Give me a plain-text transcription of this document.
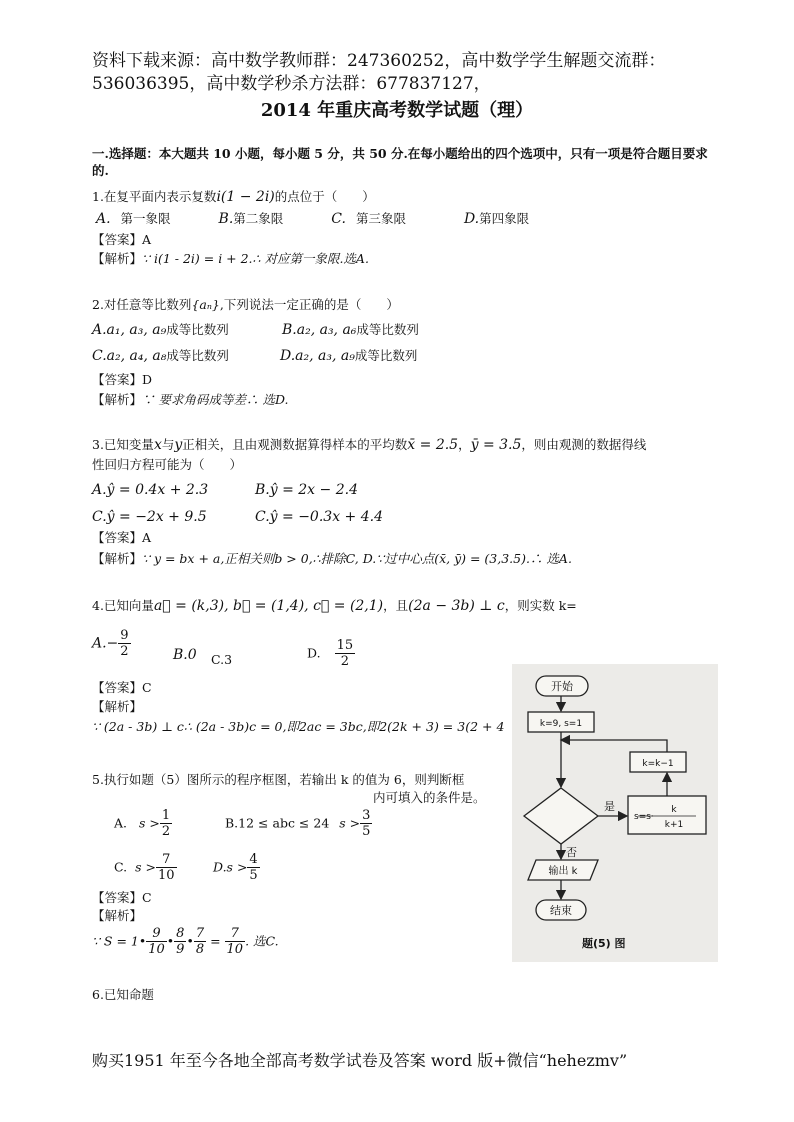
资料下载来源：高中数学教师群：247360252，高中数学学生解题交流群：
536036395，高中数学秒杀方法群：677837127，
2014 年重庆高考数学试题（理）
一.选择题：本大题共 10 小题，每小题 5 分，共 50 分.在每小题给出的四个选项中，只有一项是符合题目要求的.
1.在复平面内表示复数i(1 − 2i)的点位于（　　）
A. 第一象限	B.第二象限	C. 第三象限	D.第四象限
【答案】A
【解析】∵ i(1 - 2i) = i + 2.∴ 对应第一象限.选A.
2.对任意等比数列{aₙ},下列说法一定正确的是（　　）
A.a₁, a₃, a₉成等比数列	B.a₂, a₃, a₆成等比数列
C.a₂, a₄, a₈成等比数列	D.a₂, a₃, a₉成等比数列
【答案】D
【解析】∵ 要求角码成等差∴ 选D.
3.已知变量x与y正相关，且由观测数据算得样本的平均数x̄ = 2.5，ȳ = 3.5，则由观测的数据得线
性回归方程可能为（　　）
A.ŷ = 0.4x + 2.3	B.ŷ = 2x − 2.4
C.ŷ = −2x + 9.5	C.ŷ = −0.3x + 4.4
【答案】A
【解析】∵ y = bx + a,正相关则b > 0,∴排除C, D.∵过中心点(x̄, ȳ) = (3,3.5).∴ 选A.
4.已知向量a⃗ = (k,3), b⃗ = (1,4), c⃗ = (2,1)，且(2a − 3b) ⊥ c，则实数 k=
$A.- \frac{9}{2}$	B.0 C.3	D. $\frac{15}{2}$
【答案】C
【解析】
∵ (2a - 3b) ⊥ c∴ (2a - 3b)c = 0,即2ac = 3bc,即2(2k + 3) = 3(2 + 4
5.执行如题（5）图所示的程序框图，若输出 k 的值为 6，则判断框
内可填入的条件是。
A. $s > \frac{1}{2}$	B.12 ≤ abc ≤ 24 $s > \frac{3}{5}$
C. $s > \frac{7}{10}$	$D.s > \frac{4}{5}$
【答案】C
【解析】
∵ S = 1• $\frac{9}{10}$ • $\frac{8}{9}$ • $\frac{7}{8} = \frac{7}{10}$ . 选C.
开始
k=9, s=1
k=k−1
s=s·
k
k+1
是
否
输出 k
结束
题(5) 图
6.已知命题
购买1951 年至今各地全部高考数学试卷及答案 word 版+微信“hehezmv”
